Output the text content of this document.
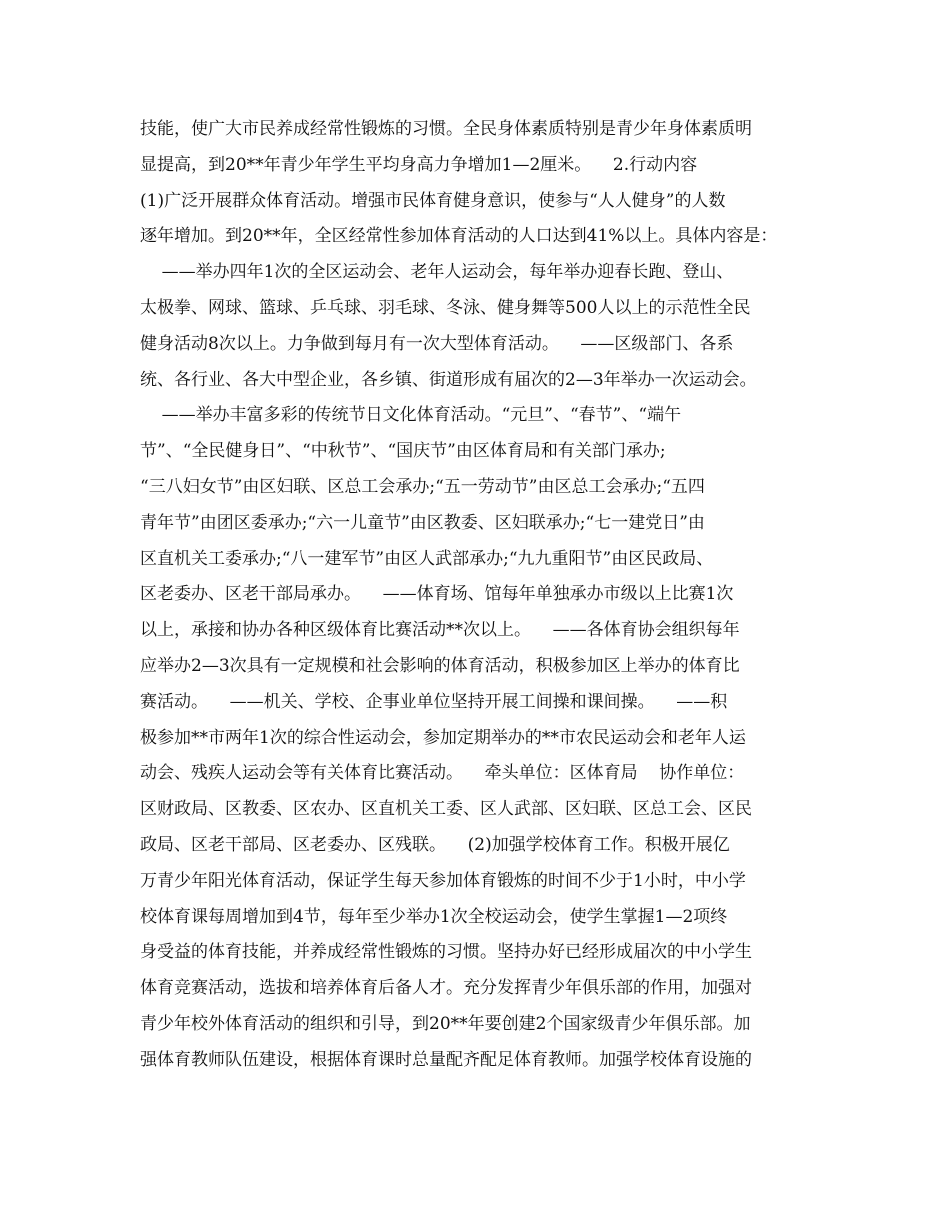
技能，使广大市民养成经常性锻炼的习惯。全民身体素质特别是青少年身体素质明
显提高，到20**年青少年学生平均身高力争增加1—2厘米。    2.行动内容
(1)广泛开展群众体育活动。增强市民体育健身意识，使参与“人人健身”的人数
逐年增加。到20**年，全区经常性参加体育活动的人口达到41%以上。具体内容是：
——举办四年1次的全区运动会、老年人运动会，每年举办迎春长跑、登山、
太极拳、网球、篮球、乒乓球、羽毛球、冬泳、健身舞等500人以上的示范性全民
健身活动8次以上。力争做到每月有一次大型体育活动。    ——区级部门、各系
统、各行业、各大中型企业，各乡镇、街道形成有届次的2—3年举办一次运动会。
——举办丰富多彩的传统节日文化体育活动。“元旦”、“春节”、“端午
节”、“全民健身日”、“中秋节”、“国庆节”由区体育局和有关部门承办;
“三八妇女节”由区妇联、区总工会承办;“五一劳动节”由区总工会承办;“五四
青年节”由团区委承办;“六一儿童节”由区教委、区妇联承办;“七一建党日”由
区直机关工委承办;“八一建军节”由区人武部承办;“九九重阳节”由区民政局、
区老委办、区老干部局承办。    ——体育场、馆每年单独承办市级以上比赛1次
以上，承接和协办各种区级体育比赛活动**次以上。    ——各体育协会组织每年
应举办2—3次具有一定规模和社会影响的体育活动，积极参加区上举办的体育比
赛活动。    ——机关、学校、企事业单位坚持开展工间操和课间操。    ——积
极参加**市两年1次的综合性运动会，参加定期举办的**市农民运动会和老年人运
动会、残疾人运动会等有关体育比赛活动。    牵头单位：区体育局    协作单位：
区财政局、区教委、区农办、区直机关工委、区人武部、区妇联、区总工会、区民
政局、区老干部局、区老委办、区残联。    (2)加强学校体育工作。积极开展亿
万青少年阳光体育活动，保证学生每天参加体育锻炼的时间不少于1小时，中小学
校体育课每周增加到4节，每年至少举办1次全校运动会，使学生掌握1—2项终
身受益的体育技能，并养成经常性锻炼的习惯。坚持办好已经形成届次的中小学生
体育竞赛活动，选拔和培养体育后备人才。充分发挥青少年俱乐部的作用，加强对
青少年校外体育活动的组织和引导，到20**年要创建2个国家级青少年俱乐部。加
强体育教师队伍建设，根据体育课时总量配齐配足体育教师。加强学校体育设施的
